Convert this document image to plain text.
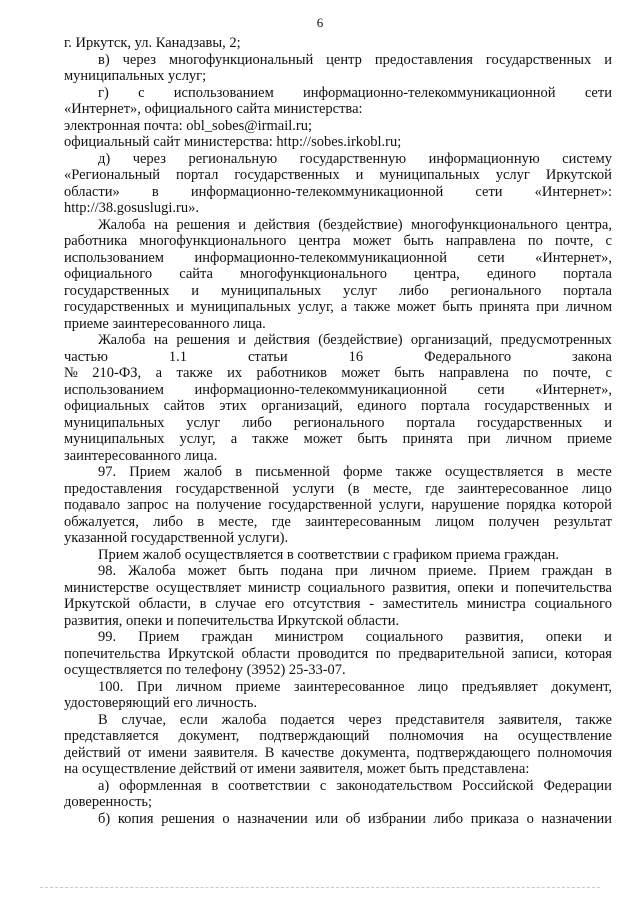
6
г. Иркутск, ул. Канадзавы, 2;
в) через многофункциональный центр предоставления государственных и
муниципальных услуг;
г) с использованием информационно-телекоммуникационной сети
«Интернет», официального сайта министерства:
электронная почта: obl_sobes@irmail.ru;
официальный сайт министерства: http://sobes.irkobl.ru;
д) через региональную государственную информационную систему
«Региональный портал государственных и муниципальных услуг Иркутской
области» в информационно-телекоммуникационной сети «Интернет»:
http://38.gosuslugi.ru».
Жалоба на решения и действия (бездействие) многофункционального центра,
работника многофункционального центра может быть направлена по почте, с
использованием информационно-телекоммуникационной сети «Интернет»,
официального сайта многофункционального центра, единого портала
государственных и муниципальных услуг либо регионального портала
государственных и муниципальных услуг, а также может быть принята при личном
приеме заинтересованного лица.
Жалоба на решения и действия (бездействие) организаций, предусмотренных
частью	1.1	статьи	16	Федерального	закона
№ 210-ФЗ, а также их работников может быть направлена по почте, с
использованием информационно-телекоммуникационной сети «Интернет»,
официальных сайтов этих организаций, единого портала государственных и
муниципальных услуг либо регионального портала государственных и
муниципальных услуг, а также может быть принята при личном приеме
заинтересованного лица.
97. Прием жалоб в письменной форме также осуществляется в месте
предоставления государственной услуги (в месте, где заинтересованное лицо
подавало запрос на получение государственной услуги, нарушение порядка которой
обжалуется, либо в месте, где заинтересованным лицом получен результат
указанной государственной услуги).
Прием жалоб осуществляется в соответствии с графиком приема граждан.
98. Жалоба может быть подана при личном приеме. Прием граждан в
министерстве осуществляет министр социального развития, опеки и попечительства
Иркутской области, в случае его отсутствия - заместитель министра социального
развития, опеки и попечительства Иркутской области.
99. Прием граждан министром социального развития, опеки и
попечительства Иркутской области проводится по предварительной записи, которая
осуществляется по телефону (3952) 25-33-07.
100. При личном приеме заинтересованное лицо предъявляет документ,
удостоверяющий его личность.
В случае, если жалоба подается через представителя заявителя, также
представляется документ, подтверждающий полномочия на осуществление
действий от имени заявителя. В качестве документа, подтверждающего полномочия
на осуществление действий от имени заявителя, может быть представлена:
а) оформленная в соответствии с законодательством Российской Федерации
доверенность;
б) копия решения о назначении или об избрании либо приказа о назначении
